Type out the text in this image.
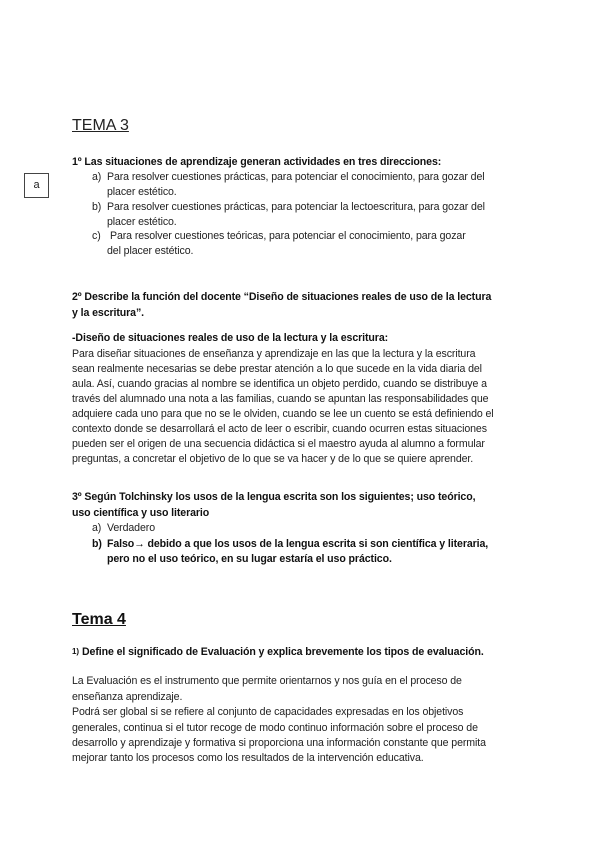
a
TEMA 3
1º Las situaciones de aprendizaje generan actividades en tres direcciones:
a) Para resolver cuestiones prácticas, para potenciar el conocimiento, para gozar del
placer estético.
b) Para resolver cuestiones prácticas, para potenciar la lectoescritura, para gozar del
placer estético.
c) Para resolver cuestiones teóricas, para potenciar el conocimiento, para gozar
del placer estético.
2º Describe la función del docente “Diseño de situaciones reales de uso de la lectura
y la escritura”.
-Diseño de situaciones reales de uso de la lectura y la escritura:
Para diseñar situaciones de enseñanza y aprendizaje en las que la lectura y la escritura
sean realmente necesarias se debe prestar atención a lo que sucede en la vida diaria del
aula. Así, cuando gracias al nombre se identifica un objeto perdido, cuando se distribuye a
través del alumnado una nota a las familias, cuando se apuntan las responsabilidades que
adquiere cada uno para que no se le olviden, cuando se lee un cuento se está definiendo el
contexto donde se desarrollará el acto de leer o escribir, cuando ocurren estas situaciones
pueden ser el origen de una secuencia didáctica si el maestro ayuda al alumno a formular
preguntas, a concretar el objetivo de lo que se va hacer y de lo que se quiere aprender.
3º Según Tolchinsky los usos de la lengua escrita son los siguientes; uso teórico,
uso científica y uso literario
a) Verdadero
b) Falso→ debido a que los usos de la lengua escrita si son científica y literaria,
pero no el uso teórico, en su lugar estaría el uso práctico.
Tema 4
1) Define el significado de Evaluación y explica brevemente los tipos de evaluación.
La Evaluación es el instrumento que permite orientarnos y nos guía en el proceso de
enseñanza aprendizaje.
Podrá ser global si se refiere al conjunto de capacidades expresadas en los objetivos
generales, continua si el tutor recoge de modo continuo información sobre el proceso de
desarrollo y aprendizaje y formativa si proporciona una información constante que permita
mejorar tanto los procesos como los resultados de la intervención educativa.
